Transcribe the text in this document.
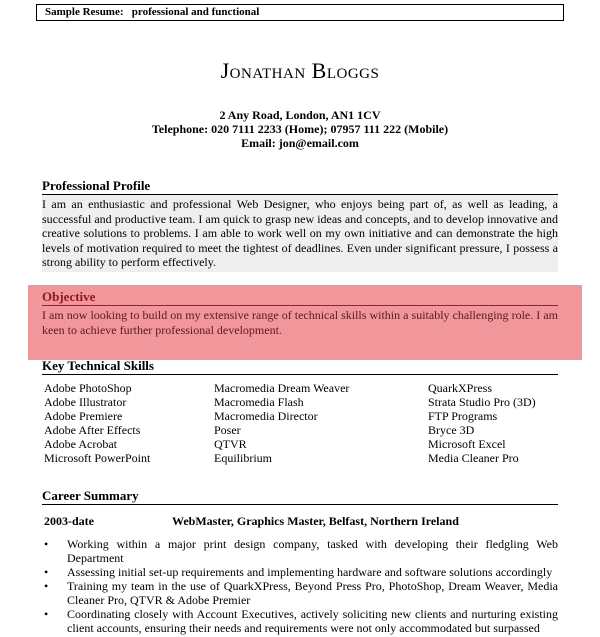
Sample Resume:   professional and functional
Jonathan Bloggs
2 Any Road, London, AN1 1CV
Telephone: 020 7111 2233 (Home); 07957 111 222 (Mobile)
Email: jon@email.com
Professional Profile
I am an enthusiastic and professional Web Designer, who enjoys being part of, as well as leading, a successful and productive team. I am quick to grasp new ideas and concepts, and to develop innovative and creative solutions to problems. I am able to work well on my own initiative and can demonstrate the high levels of motivation required to meet the tightest of deadlines. Even under significant pressure, I possess a strong ability to perform effectively.
Objective
I am now looking to build on my extensive range of technical skills within a suitably challenging role. I am keen to achieve further professional development.
Key Technical Skills
Adobe PhotoShop
Adobe Illustrator
Adobe Premiere
Adobe After Effects
Adobe Acrobat
Microsoft PowerPoint
Macromedia Dream Weaver
Macromedia Flash
Macromedia Director
Poser
QTVR
Equilibrium
QuarkXPress
Strata Studio Pro (3D)
FTP Programs
Bryce 3D
Microsoft Excel
Media Cleaner Pro
Career Summary
2003-date	WebMaster, Graphics Master, Belfast, Northern Ireland
• Working within a major print design company, tasked with developing their fledgling Web Department
• Assessing initial set-up requirements and implementing hardware and software solutions accordingly
• Training my team in the use of QuarkXPress, Beyond Press Pro, PhotoShop, Dream Weaver, Media Cleaner Pro, QTVR & Adobe Premier
• Coordinating closely with Account Executives, actively soliciting new clients and nurturing existing client accounts, ensuring their needs and requirements were not only accommodated but surpassed
